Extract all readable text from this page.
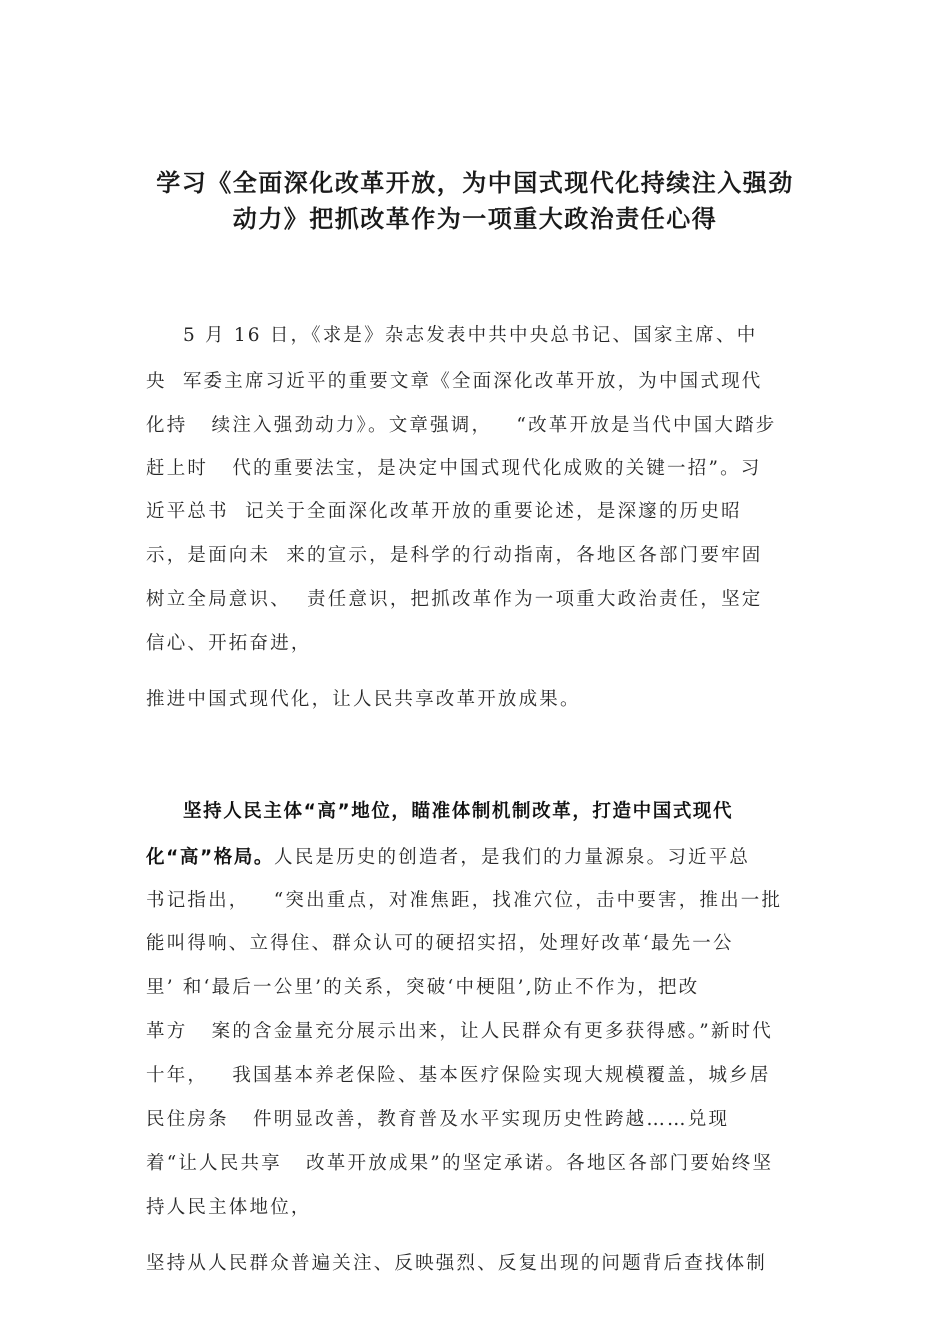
学习《全面深化改革开放，为中国式现代化持续注入强劲
动力》把抓改革作为一项重大政治责任心得
5 月 16 日，《求是》杂志发表中共中央总书记、国家主席、中
央  军委主席习近平的重要文章《全面深化改革开放，为中国式现代
化持   续注入强劲动力》。文章强调，   “改革开放是当代中国大踏步
赶上时   代的重要法宝，是决定中国式现代化成败的关键一招”。习
近平总书  记关于全面深化改革开放的重要论述，是深邃的历史昭
示，是面向未  来的宣示，是科学的行动指南，各地区各部门要牢固
树立全局意识、  责任意识，把抓改革作为一项重大政治责任，坚定
信心、开拓奋进，
推进中国式现代化，让人民共享改革开放成果。
坚持人民主体“高”地位，瞄准体制机制改革，打造中国式现代
化“高”格局。人民是历史的创造者，是我们的力量源泉。习近平总
书记指出，   “突出重点，对准焦距，找准穴位，击中要害，推出一批
能叫得响、立得住、群众认可的硬招实招，处理好改革‘最先一公
里’ 和‘最后一公里’的关系，突破‘中梗阻’,防止不作为，把改
革方   案的含金量充分展示出来，让人民群众有更多获得感。”新时代
十年，   我国基本养老保险、基本医疗保险实现大规模覆盖，城乡居
民住房条   件明显改善，教育普及水平实现历史性跨越……兑现
着“让人民共享   改革开放成果”的坚定承诺。各地区各部门要始终坚
持人民主体地位，
坚持从人民群众普遍关注、反映强烈、反复出现的问题背后查找体制
